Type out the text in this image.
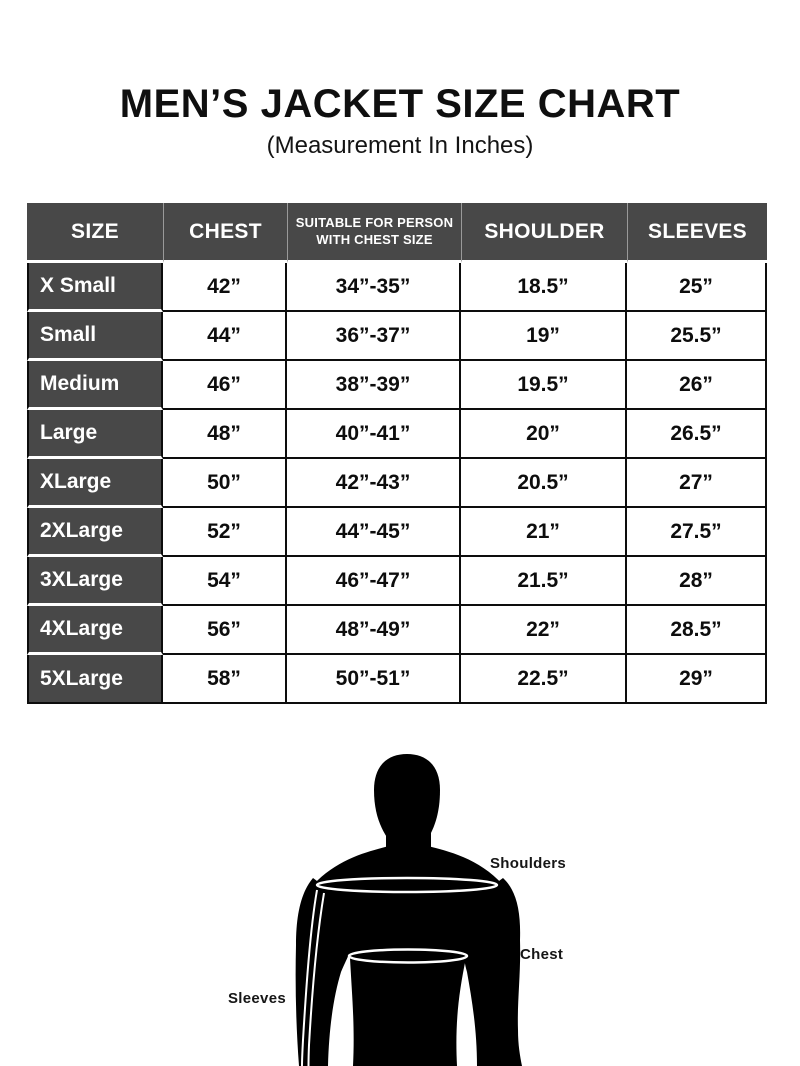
MEN’S JACKET SIZE CHART
(Measurement In Inches)
SIZE	CHEST	SUITABLE FOR PERSON WITH CHEST SIZE	SHOULDER	SLEEVES
X Small	42”	34”-35”	18.5”	25”
Small	44”	36”-37”	19”	25.5”
Medium	46”	38”-39”	19.5”	26”
Large	48”	40”-41”	20”	26.5”
XLarge	50”	42”-43”	20.5”	27”
2XLarge	52”	44”-45”	21”	27.5”
3XLarge	54”	46”-47”	21.5”	28”
4XLarge	56”	48”-49”	22”	28.5”
5XLarge	58”	50”-51”	22.5”	29”
Shoulders
Chest
Sleeves
